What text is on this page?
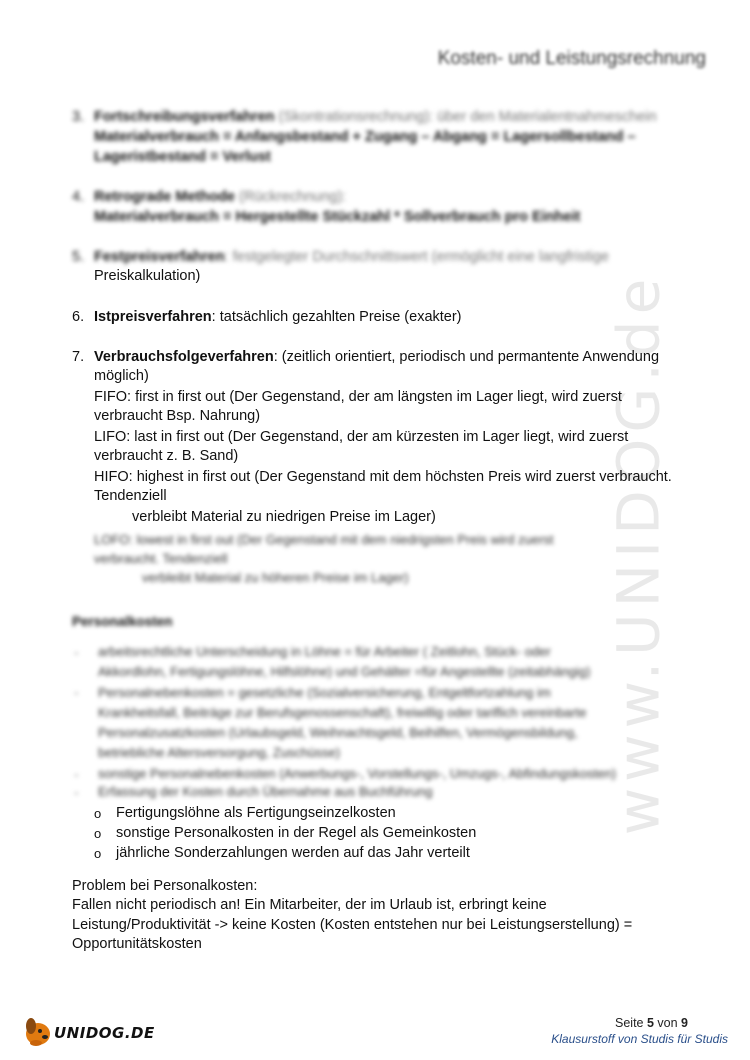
Kosten- und Leistungsrechnung
www.UNIDOG.de
3. Fortschreibungsverfahren (Skontrationsrechnung): über den Materialentnahmeschein
Materialverbrauch = Anfangsbestand + Zugang – Abgang = Lagersollbestand –
Lageristbestand = Verlust
4. Retrograde Methode (Rückrechnung):
Materialverbrauch = Hergestellte Stückzahl * Sollverbrauch pro Einheit
5. Festpreisverfahren: festgelegter Durchschnittswert (ermöglicht eine langfristige
Preiskalkulation)
6. Istpreisverfahren: tatsächlich gezahlten Preise (exakter)
7. Verbrauchsfolgeverfahren: (zeitlich orientiert, periodisch und permantente Anwendung
möglich)
FIFO: first in first out (Der Gegenstand, der am längsten im Lager liegt, wird zuerst
verbraucht Bsp. Nahrung)
LIFO: last in first out (Der Gegenstand, der am kürzesten im Lager liegt, wird zuerst
verbraucht z. B. Sand)
HIFO: highest in first out (Der Gegenstand mit dem höchsten Preis wird zuerst verbraucht.
Tendenziell
verbleibt Material zu niedrigen Preise im Lager)
LOFO: lowest in first out (Der Gegenstand mit dem niedrigsten Preis wird zuerst
verbraucht. Tendenziell
verbleibt Material zu höheren Preise im Lager)
Personalkosten
- arbeitsrechtliche Unterscheidung in Löhne = für Arbeiter ( Zeitlohn, Stück- oder
Akkordlohn, Fertigungslöhne, Hilfslöhne) und Gehälter =für Angestellte (zeitabhängig)
- Personalnebenkosten = gesetzliche (Sozialversicherung, Entgeltfortzahlung im
Krankheitsfall, Beiträge zur Berufsgenossenschaft), freiwillig oder tariflich vereinbarte
Personalzusatzkosten (Urlaubsgeld, Weihnachtsgeld, Beihilfen, Vermögensbildung,
betriebliche Altersversorgung, Zuschüsse)
- sonstige Personalnebenkosten (Anwerbungs-, Vorstellungs-, Umzugs-, Abfindungskosten)
- Erfassung der Kosten durch Übernahme aus Buchführung
o Fertigungslöhne als Fertigungseinzelkosten
o sonstige Personalkosten in der Regel als Gemeinkosten
o jährliche Sonderzahlungen werden auf das Jahr verteilt
Problem bei Personalkosten:
Fallen nicht periodisch an! Ein Mitarbeiter, der im Urlaub ist, erbringt keine
Leistung/Produktivität -> keine Kosten (Kosten entstehen nur bei Leistungserstellung) =
Opportunitätskosten
UNIDOG.DE
Seite 5 von 9
Klausurstoff von Studis für Studis
